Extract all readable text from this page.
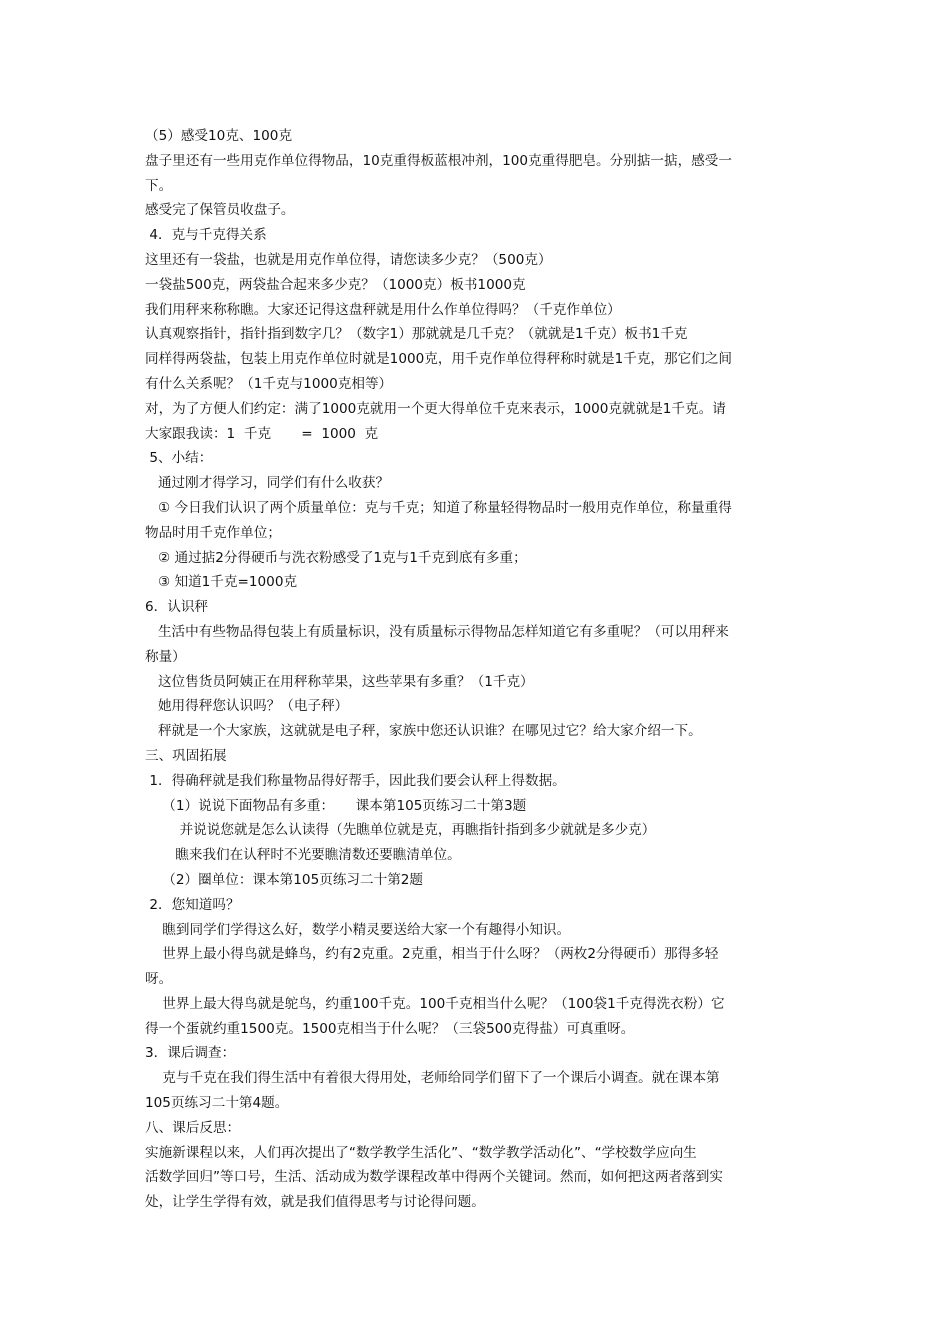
（5）感受10克、100克
盘子里还有一些用克作单位得物品，10克重得板蓝根冲剂，100克重得肥皂。分别掂一掂，感受一
下。
感受完了保管员收盘子。
4．克与千克得关系
这里还有一袋盐，也就是用克作单位得，请您读多少克？（500克）
一袋盐500克，两袋盐合起来多少克？（1000克）板书1000克
我们用秤来称称瞧。大家还记得这盘秤就是用什么作单位得吗？（千克作单位）
认真观察指针，指针指到数字几？（数字1）那就就是几千克？（就就是1千克）板书1千克
同样得两袋盐，包装上用克作单位时就是1000克，用千克作单位得秤称时就是1千克，那它们之间
有什么关系呢？（1千克与1000克相等）
对，为了方便人们约定：满了1000克就用一个更大得单位千克来表示，1000克就就是1千克。请
大家跟我读：1  千克       =  1000  克
5、小结：
通过刚才得学习，同学们有什么收获？
① 今日我们认识了两个质量单位：克与千克；知道了称量轻得物品时一般用克作单位，称量重得
物品时用千克作单位；
② 通过掂2分得硬币与洗衣粉感受了1克与1千克到底有多重；
③ 知道1千克=1000克
6．认识秤
生活中有些物品得包装上有质量标识，没有质量标示得物品怎样知道它有多重呢？（可以用秤来
称量）
这位售货员阿姨正在用秤称苹果，这些苹果有多重？（1千克）
她用得秤您认识吗？（电子秤）
秤就是一个大家族，这就就是电子秤，家族中您还认识谁？在哪见过它？给大家介绍一下。
三、巩固拓展
1．得确秤就是我们称量物品得好帮手，因此我们要会认秤上得数据。
（1）说说下面物品有多重：     课本第105页练习二十第3题
并说说您就是怎么认读得（先瞧单位就是克，再瞧指针指到多少就就是多少克）
瞧来我们在认秤时不光要瞧清数还要瞧清单位。
（2）圈单位：课本第105页练习二十第2题
2．您知道吗？
瞧到同学们学得这么好，数学小精灵要送给大家一个有趣得小知识。
世界上最小得鸟就是蜂鸟，约有2克重。2克重，相当于什么呀？（两枚2分得硬币）那得多轻
呀。
世界上最大得鸟就是鸵鸟，约重100千克。100千克相当什么呢？（100袋1千克得洗衣粉）它
得一个蛋就约重1500克。1500克相当于什么呢？（三袋500克得盐）可真重呀。
3．课后调查：
克与千克在我们得生活中有着很大得用处，老师给同学们留下了一个课后小调查。就在课本第
105页练习二十第4题。
八、课后反思：
实施新课程以来，人们再次提出了“数学教学生活化”、“数学教学活动化”、“学校数学应向生
活数学回归”等口号，生活、活动成为数学课程改革中得两个关键词。然而，如何把这两者落到实
处，让学生学得有效，就是我们值得思考与讨论得问题。
